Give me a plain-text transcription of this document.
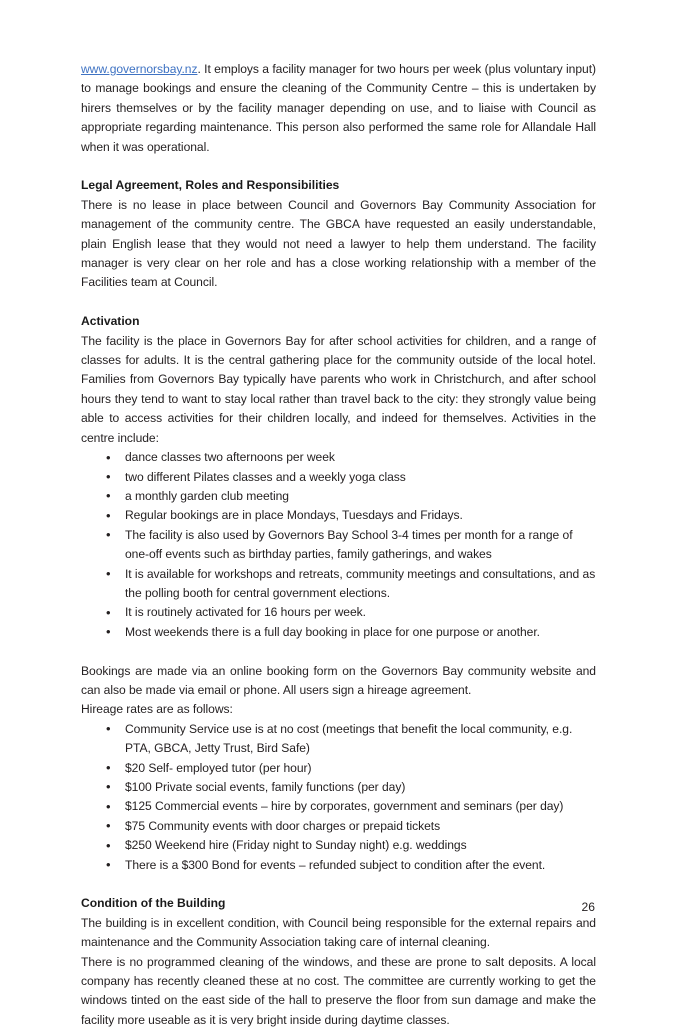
www.governorsbay.nz. It employs a facility manager for two hours per week (plus voluntary input) to manage bookings and ensure the cleaning of the Community Centre – this is undertaken by hirers themselves or by the facility manager depending on use, and to liaise with Council as appropriate regarding maintenance. This person also performed the same role for Allandale Hall when it was operational.

Legal Agreement, Roles and Responsibilities

There is no lease in place between Council and Governors Bay Community Association for management of the community centre. The GBCA have requested an easily understandable, plain English lease that they would not need a lawyer to help them understand. The facility manager is very clear on her role and has a close working relationship with a member of the Facilities team at Council.

Activation

The facility is the place in Governors Bay for after school activities for children, and a range of classes for adults. It is the central gathering place for the community outside of the local hotel. Families from Governors Bay typically have parents who work in Christchurch, and after school hours they tend to want to stay local rather than travel back to the city: they strongly value being able to access activities for their children locally, and indeed for themselves. Activities in the centre include:

• dance classes two afternoons per week
• two different Pilates classes and a weekly yoga class
• a monthly garden club meeting
• Regular bookings are in place Mondays, Tuesdays and Fridays.
• The facility is also used by Governors Bay School 3-4 times per month for a range of one-off events such as birthday parties, family gatherings, and wakes
• It is available for workshops and retreats, community meetings and consultations, and as the polling booth for central government elections.
• It is routinely activated for 16 hours per week.
• Most weekends there is a full day booking in place for one purpose or another.

Bookings are made via an online booking form on the Governors Bay community website and can also be made via email or phone. All users sign a hireage agreement.

Hireage rates are as follows:

• Community Service use is at no cost (meetings that benefit the local community, e.g. PTA, GBCA, Jetty Trust, Bird Safe)
• $20 Self- employed tutor (per hour)
• $100 Private social events, family functions (per day)
• $125 Commercial events – hire by corporates, government and seminars (per day)
• $75 Community events with door charges or prepaid tickets
• $250 Weekend hire (Friday night to Sunday night) e.g. weddings
• There is a $300 Bond for events – refunded subject to condition after the event.

Condition of the Building

The building is in excellent condition, with Council being responsible for the external repairs and maintenance and the Community Association taking care of internal cleaning.

There is no programmed cleaning of the windows, and these are prone to salt deposits. A local company has recently cleaned these at no cost. The committee are currently working to get the windows tinted on the east side of the hall to preserve the floor from sun damage and make the facility more useable as it is very bright inside during daytime classes.

26
